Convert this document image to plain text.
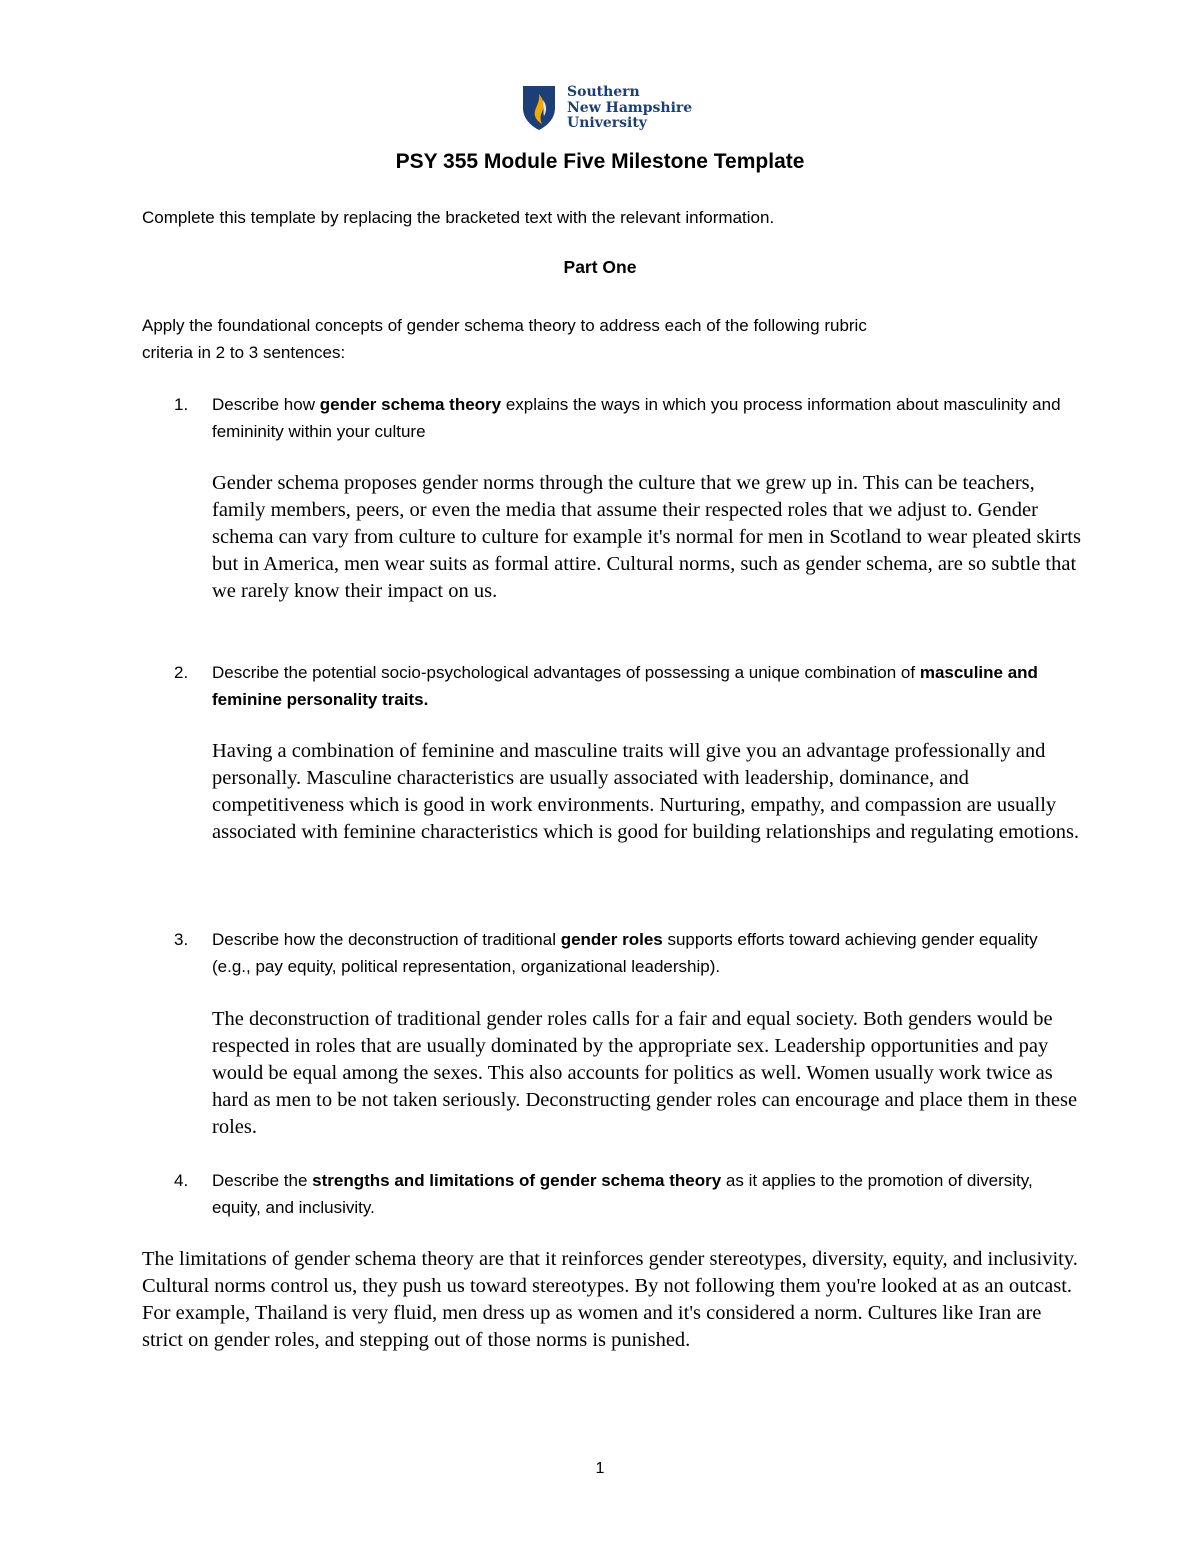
Southern
New Hampshire
University
PSY 355 Module Five Milestone Template
Complete this template by replacing the bracketed text with the relevant information.
Part One
Apply the foundational concepts of gender schema theory to address each of the following rubric
criteria in 2 to 3 sentences:
1.	Describe how gender schema theory explains the ways in which you process information about masculinity and femininity within your culture
Gender schema proposes gender norms through the culture that we grew up in. This can be teachers, family members, peers, or even the media that assume their respected roles that we adjust to. Gender schema can vary from culture to culture for example it's normal for men in Scotland to wear pleated skirts but in America, men wear suits as formal attire. Cultural norms, such as gender schema, are so subtle that we rarely know their impact on us.
2.	Describe the potential socio-psychological advantages of possessing a unique combination of masculine and feminine personality traits.
Having a combination of feminine and masculine traits will give you an advantage professionally and personally. Masculine characteristics are usually associated with leadership, dominance, and competitiveness which is good in work environments. Nurturing, empathy, and compassion are usually associated with feminine characteristics which is good for building relationships and regulating emotions.
3.	Describe how the deconstruction of traditional gender roles supports efforts toward achieving gender equality (e.g., pay equity, political representation, organizational leadership).
The deconstruction of traditional gender roles calls for a fair and equal society. Both genders would be respected in roles that are usually dominated by the appropriate sex. Leadership opportunities and pay would be equal among the sexes. This also accounts for politics as well. Women usually work twice as hard as men to be not taken seriously. Deconstructing gender roles can encourage and place them in these roles.
4.	Describe the strengths and limitations of gender schema theory as it applies to the promotion of diversity, equity, and inclusivity.
The limitations of gender schema theory are that it reinforces gender stereotypes, diversity, equity, and inclusivity. Cultural norms control us, they push us toward stereotypes. By not following them you're looked at as an outcast. For example, Thailand is very fluid, men dress up as women and it's considered a norm. Cultures like Iran are strict on gender roles, and stepping out of those norms is punished.
1
